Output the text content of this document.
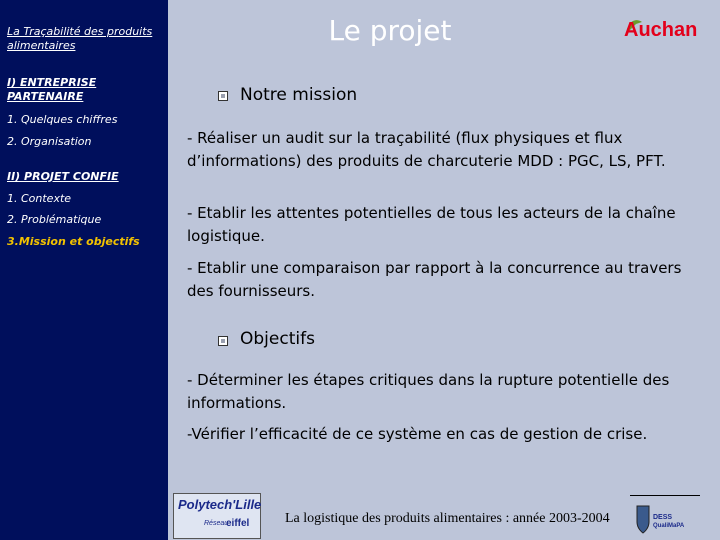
La Traçabilité des produits alimentaires
I) ENTREPRISE PARTENAIRE
1. Quelques chiffres
2. Organisation
II) PROJET CONFIE
1. Contexte
2. Problématique
3.Mission et objectifs
Le projet	Auchan
Notre mission
- Réaliser un audit sur la traçabilité (flux physiques et flux d’informations) des produits de charcuterie MDD : PGC, LS, PFT.
- Etablir les attentes potentielles de tous les acteurs de la chaîne logistique.
- Etablir une comparaison par rapport à la concurrence au travers des fournisseurs.
Objectifs
- Déterminer les étapes critiques dans la rupture potentielle des informations.
-Vérifier l’efficacité de ce système en cas de gestion de crise.
Polytech'Lille
Réseau
eiffel	La logistique des produits alimentaires : année 2003-2004	DESS
QualiMaPA
